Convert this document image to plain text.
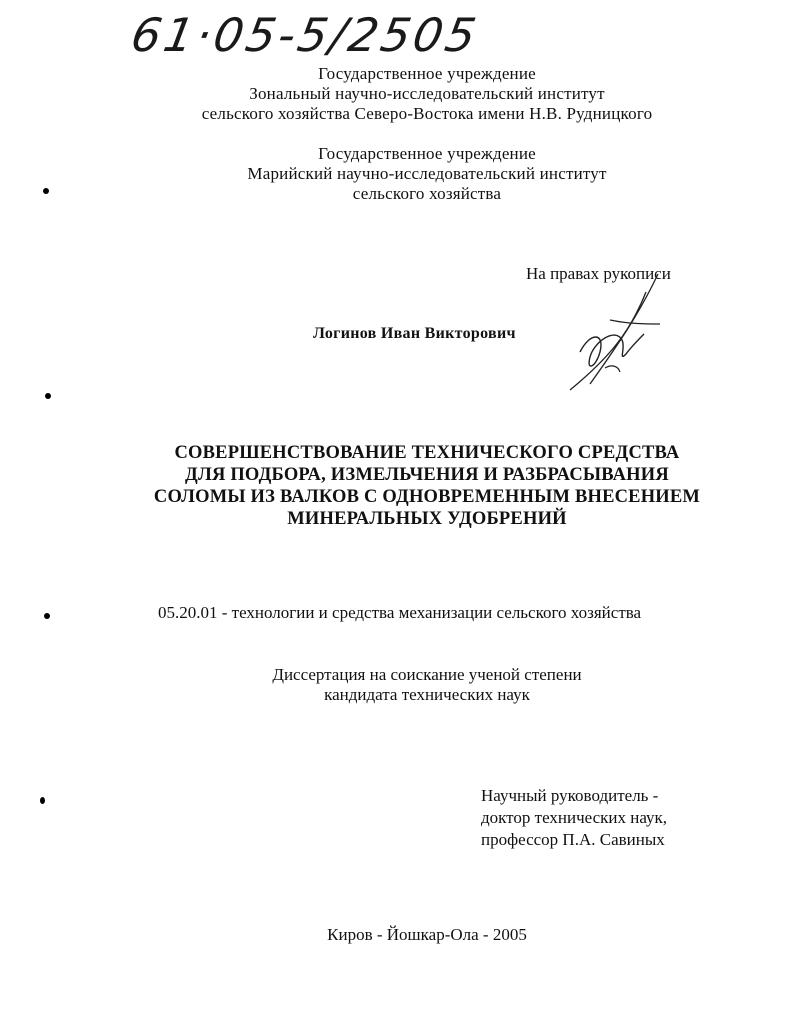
61·05-5/2505
Государственное учреждение
Зональный научно-исследовательский институт
сельского хозяйства Северо-Востока имени Н.В. Рудницкого
Государственное учреждение
Марийский научно-исследовательский институт
сельского хозяйства
На правах рукописи
Логинов Иван Викторович
СОВЕРШЕНСТВОВАНИЕ ТЕХНИЧЕСКОГО СРЕДСТВА
ДЛЯ ПОДБОРА, ИЗМЕЛЬЧЕНИЯ И РАЗБРАСЫВАНИЯ
СОЛОМЫ ИЗ ВАЛКОВ С ОДНОВРЕМЕННЫМ ВНЕСЕНИЕМ
МИНЕРАЛЬНЫХ УДОБРЕНИЙ
05.20.01 - технологии и средства механизации сельского хозяйства
Диссертация на соискание ученой степени
кандидата технических наук
Научный руководитель -
доктор технических наук,
профессор П.А. Савиных
Киров - Йошкар-Ола - 2005
